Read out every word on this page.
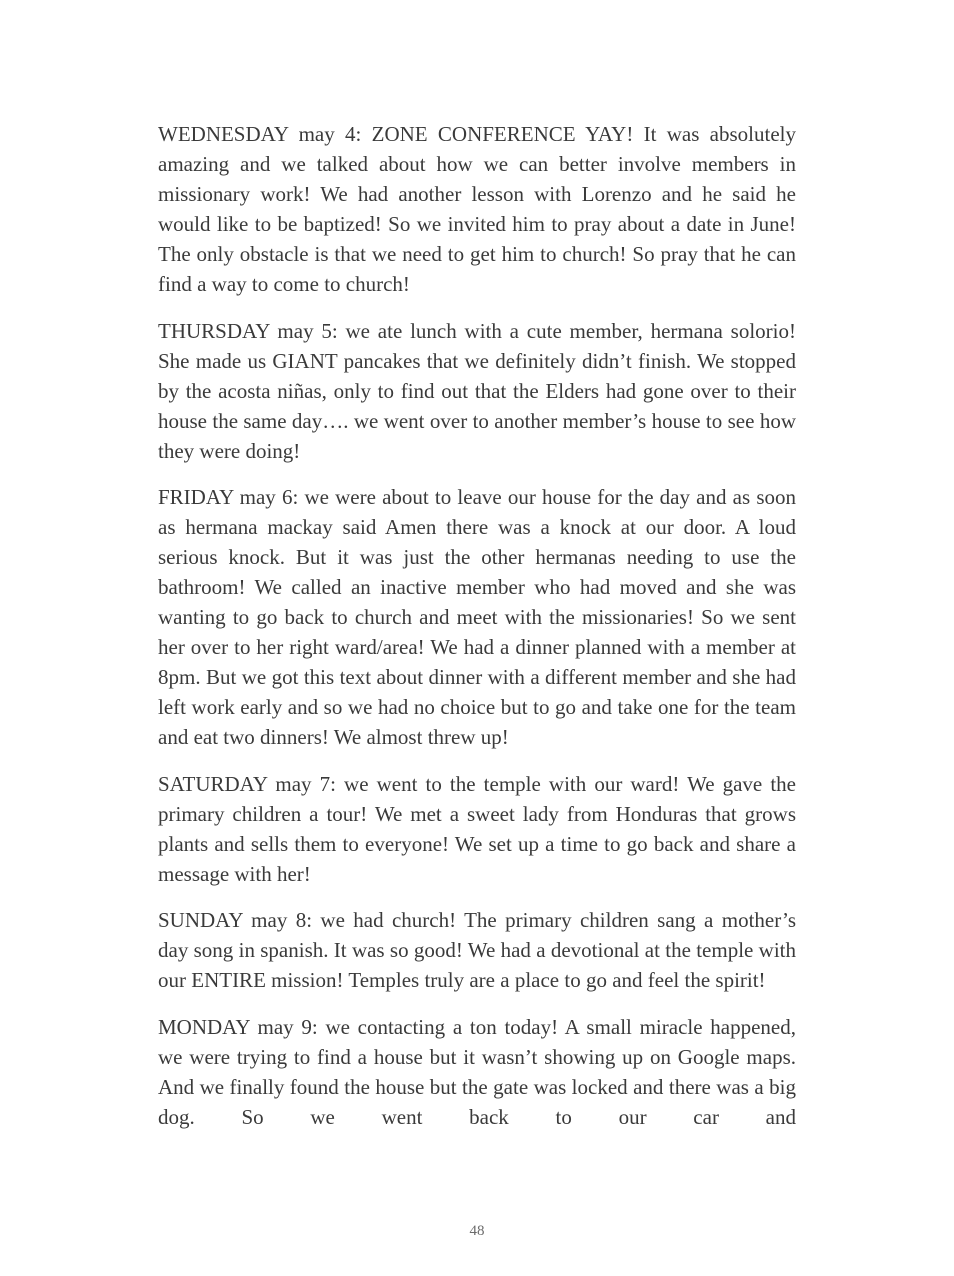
WEDNESDAY may 4: ZONE CONFERENCE YAY! It was absolutely amazing and we talked about how we can better involve members in missionary work! We had another lesson with Lorenzo and he said he would like to be baptized! So we invited him to pray about a date in June! The only obstacle is that we need to get him to church! So pray that he can find a way to come to church!

THURSDAY may 5: we ate lunch with a cute member, hermana solorio! She made us GIANT pancakes that we definitely didn’t finish. We stopped by the acosta niñas, only to find out that the Elders had gone over to their house the same day…. we went over to another member’s house to see how they were doing!

FRIDAY may 6: we were about to leave our house for the day and as soon as hermana mackay said Amen there was a knock at our door. A loud serious knock. But it was just the other hermanas needing to use the bathroom! We called an inactive member who had moved and she was wanting to go back to church and meet with the missionaries! So we sent her over to her right ward/area! We had a dinner planned with a member at 8pm. But we got this text about dinner with a different member and she had left work early and so we had no choice but to go and take one for the team and eat two dinners! We almost threw up!

SATURDAY may 7: we went to the temple with our ward! We gave the primary children a tour! We met a sweet lady from Honduras that grows plants and sells them to everyone! We set up a time to go back and share a message with her!

SUNDAY may 8: we had church! The primary children sang a mother’s day song in spanish. It was so good! We had a devotional at the temple with our ENTIRE mission! Temples truly are a place to go and feel the spirit!

MONDAY may 9: we contacting a ton today! A small miracle happened, we were trying to find a house but it wasn’t showing up on Google maps. And we finally found the house but the gate was locked and there was a big dog. So we went back to our car and

48
